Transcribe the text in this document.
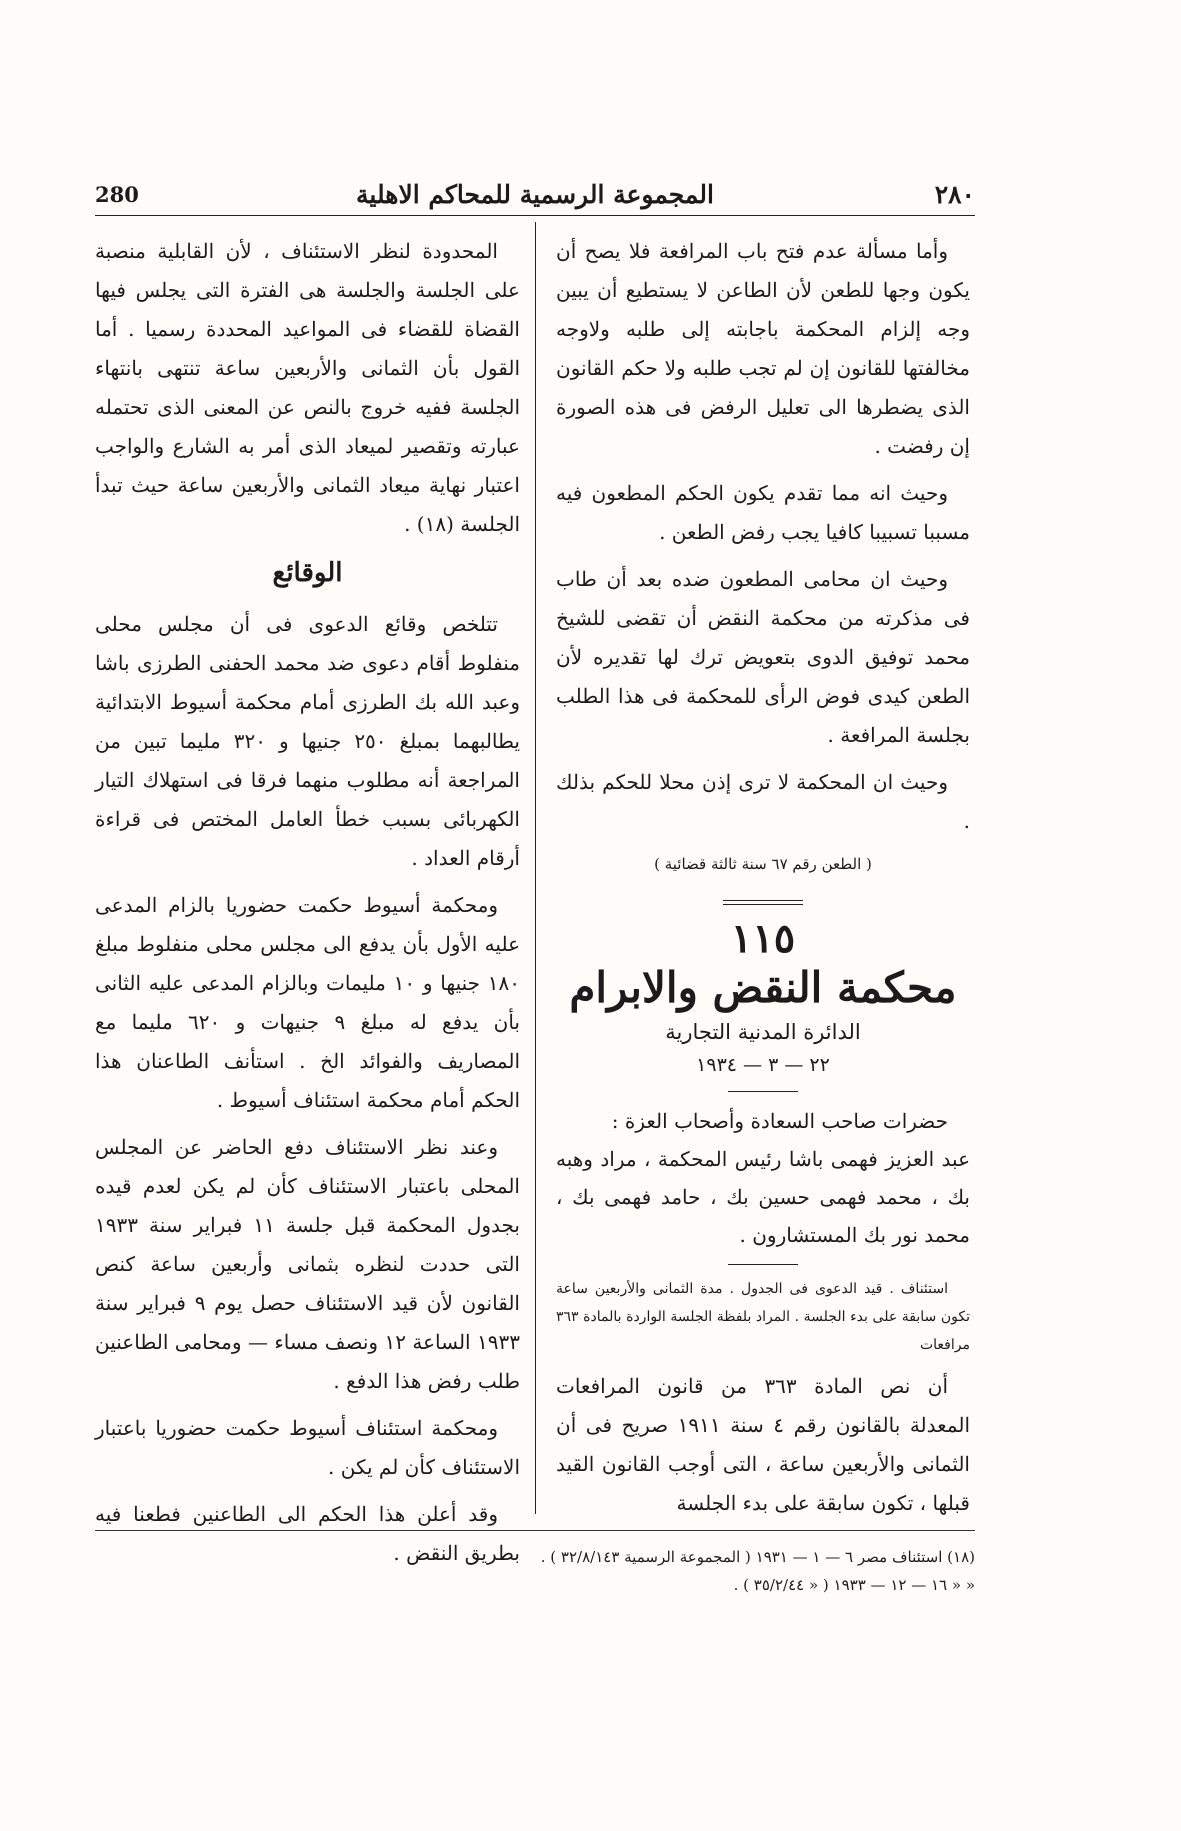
280	المجموعة الرسمية للمحاكم الاهلية	٢٨٠

وأما مسألة عدم فتح باب المرافعة فلا يصح أن يكون وجها للطعن لأن الطاعن لا يستطيع أن يبين وجه إلزام المحكمة باجابته إلى طلبه ولاوجه مخالفتها للقانون إن لم تجب طلبه ولا حكم القانون الذى يضطرها الى تعليل الرفض فى هذه الصورة إن رفضت .

وحيث انه مما تقدم يكون الحكم المطعون فيه مسببا تسبيبا كافيا يجب رفض الطعن .

وحيث ان محامى المطعون ضده بعد أن طاب فى مذكرته من محكمة النقض أن تقضى للشيخ محمد توفيق الدوى بتعويض ترك لها تقديره لأن الطعن كيدى فوض الرأى للمحكمة فى هذا الطلب بجلسة المرافعة .

وحيث ان المحكمة لا ترى إذن محلا للحكم بذلك .

( الطعن رقم ٦٧ سنة ثالثة قضائية )
١١٥
محكمة النقض والابرام
الدائرة المدنية التجارية
٢٢ — ٣ — ١٩٣٤

حضرات صاحب السعادة وأصحاب العزة :

عبد العزيز فهمى باشا رئيس المحكمة ، مراد وهبه بك ، محمد فهمى حسين بك ، حامد فهمى بك ، محمد نور بك المستشارون .

استئناف . قيد الدعوى فى الجدول . مدة الثمانى والأربعين ساعة تكون سابقة على بدء الجلسة . المراد بلفظة الجلسة الواردة بالمادة ٣٦٣ مرافعات

أن نص المادة ٣٦٣ من قانون المرافعات المعدلة بالقانون رقم ٤ سنة ١٩١١ صريح فى أن الثمانى والأربعين ساعة ، التى أوجب القانون القيد قبلها ، تكون سابقة على بدء الجلسة

المحدودة لنظر الاستئناف ، لأن القابلية منصبة على الجلسة والجلسة هى الفترة التى يجلس فيها القضاة للقضاء فى المواعيد المحددة رسميا . أما القول بأن الثمانى والأربعين ساعة تنتهى بانتهاء الجلسة ففيه خروج بالنص عن المعنى الذى تحتمله عبارته وتقصير لميعاد الذى أمر به الشارع والواجب اعتبار نهاية ميعاد الثمانى والأربعين ساعة حيث تبدأ الجلسة (١٨) .

الوقائع

تتلخص وقائع الدعوى فى أن مجلس محلى منفلوط أقام دعوى ضد محمد الحفنى الطرزى باشا وعبد الله بك الطرزى أمام محكمة أسيوط الابتدائية يطالبهما بمبلغ ٢٥٠ جنيها و ٣٢٠ مليما تبين من المراجعة أنه مطلوب منهما فرقا فى استهلاك التيار الكهربائى بسبب خطأ العامل المختص فى قراءة أرقام العداد .

ومحكمة أسيوط حكمت حضوريا بالزام المدعى عليه الأول بأن يدفع الى مجلس محلى منفلوط مبلغ ١٨٠ جنيها و ١٠ مليمات وبالزام المدعى عليه الثانى بأن يدفع له مبلغ ٩ جنيهات و ٦٢٠ مليما مع المصاريف والفوائد الخ . استأنف الطاعنان هذا الحكم أمام محكمة استئناف أسيوط .

وعند نظر الاستئناف دفع الحاضر عن المجلس المحلى باعتبار الاستئناف كأن لم يكن لعدم قيده بجدول المحكمة قبل جلسة ١١ فبراير سنة ١٩٣٣ التى حددت لنظره بثمانى وأربعين ساعة كنص القانون لأن قيد الاستئناف حصل يوم ٩ فبراير سنة ١٩٣٣ الساعة ١٢ ونصف مساء — ومحامى الطاعنين طلب رفض هذا الدفع .

ومحكمة استئناف أسيوط حكمت حضوريا باعتبار الاستئناف كأن لم يكن .

وقد أعلن هذا الحكم الى الطاعنين فطعنا فيه بطريق النقض .	(١٨) استئناف مصر ٦ — ١ — ١٩٣١ ( المجموعة الرسمية ٣٢/٨/١٤٣ ) .
« « ١٦ — ١٢ — ١٩٣٣ ( « ٣٥/٢/٤٤ ) .
